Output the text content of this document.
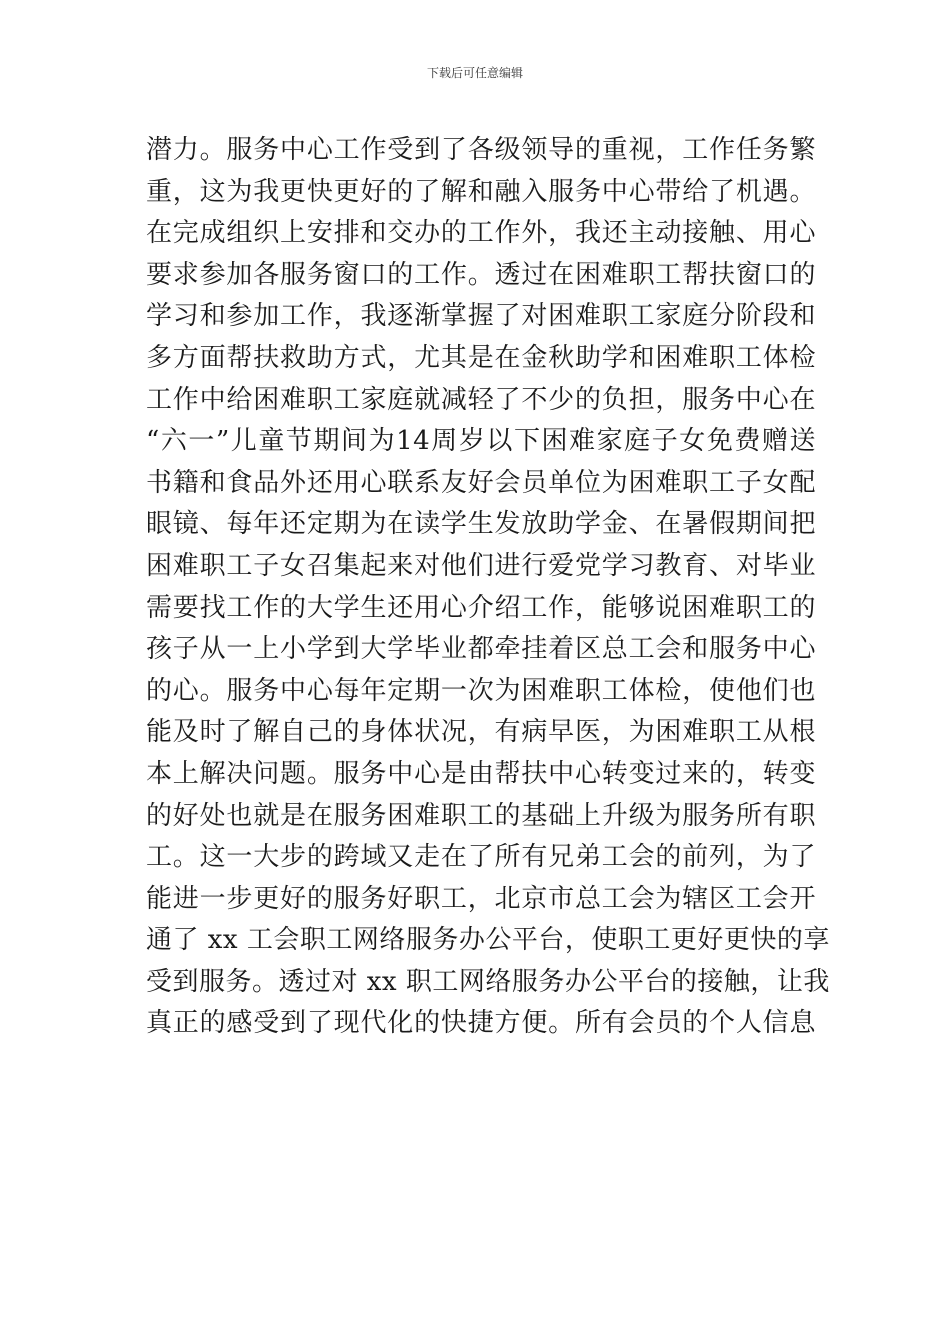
下载后可任意编辑
潜力。服务中心工作受到了各级领导的重视，工作任务繁
重，这为我更快更好的了解和融入服务中心带给了机遇。
在完成组织上安排和交办的工作外，我还主动接触、用心
要求参加各服务窗口的工作。透过在困难职工帮扶窗口的
学习和参加工作，我逐渐掌握了对困难职工家庭分阶段和
多方面帮扶救助方式，尤其是在金秋助学和困难职工体检
工作中给困难职工家庭就减轻了不少的负担，服务中心在
“六一”儿童节期间为14周岁以下困难家庭子女免费赠送
书籍和食品外还用心联系友好会员单位为困难职工子女配
眼镜、每年还定期为在读学生发放助学金、在暑假期间把
困难职工子女召集起来对他们进行爱党学习教育、对毕业
需要找工作的大学生还用心介绍工作，能够说困难职工的
孩子从一上小学到大学毕业都牵挂着区总工会和服务中心
的心。服务中心每年定期一次为困难职工体检，使他们也
能及时了解自己的身体状况，有病早医，为困难职工从根
本上解决问题。服务中心是由帮扶中心转变过来的，转变
的好处也就是在服务困难职工的基础上升级为服务所有职
工。这一大步的跨域又走在了所有兄弟工会的前列，为了
能进一步更好的服务好职工，北京市总工会为辖区工会开
通了 xx 工会职工网络服务办公平台，使职工更好更快的享
受到服务。透过对 xx 职工网络服务办公平台的接触，让我
真正的感受到了现代化的快捷方便。所有会员的个人信息
